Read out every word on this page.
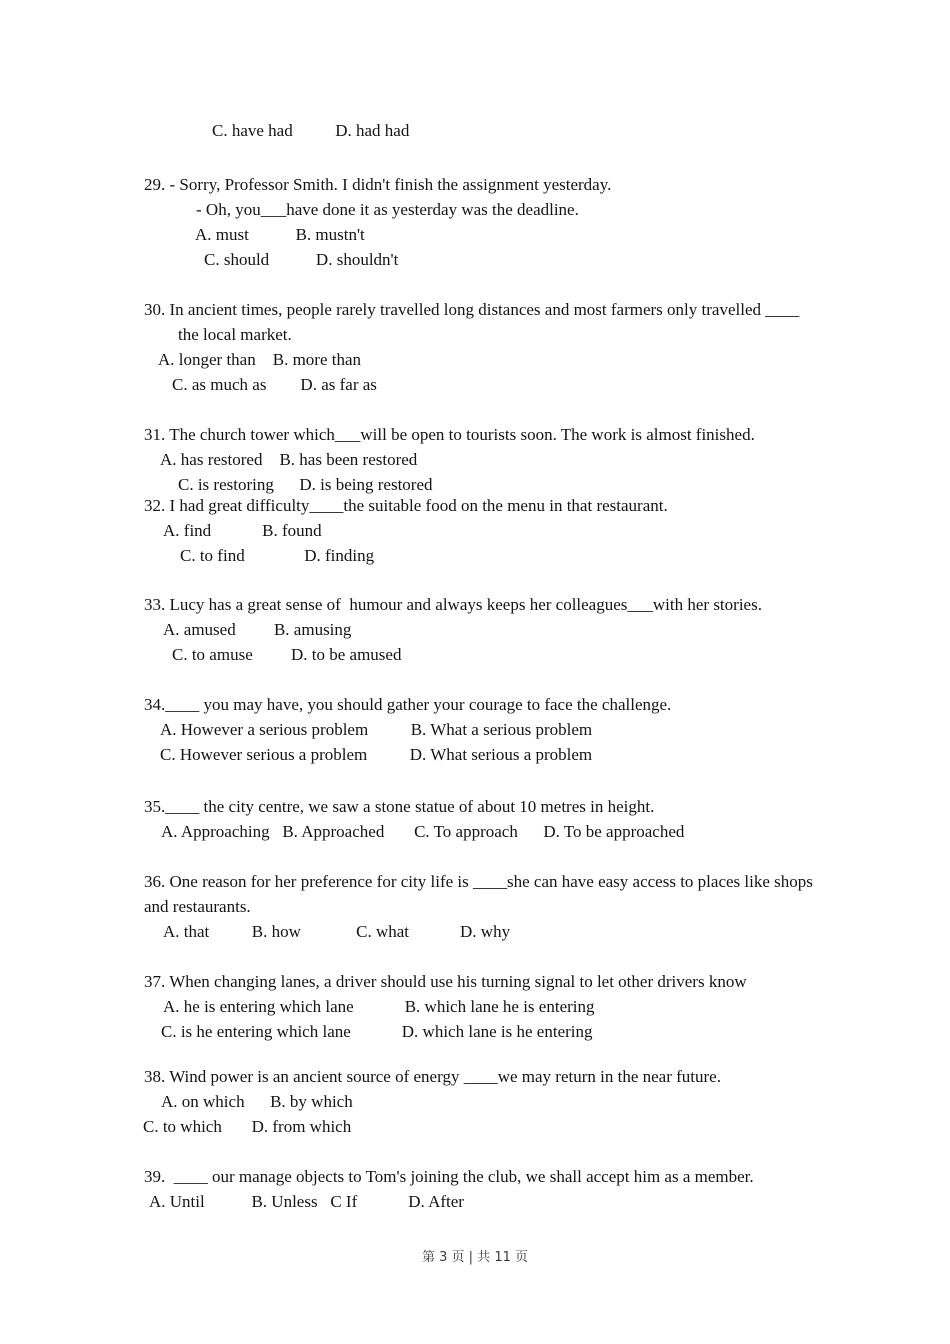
C. have had          D. had had
29. - Sorry, Professor Smith. I didn't finish the assignment yesterday.
- Oh, you___have done it as yesterday was the deadline.
A. must           B. mustn't
C. should           D. shouldn't
30. In ancient times, people rarely travelled long distances and most farmers only travelled ____
the local market.
A. longer than    B. more than
C. as much as        D. as far as
31. The church tower which___will be open to tourists soon. The work is almost finished.
A. has restored    B. has been restored
C. is restoring      D. is being restored
32. I had great difficulty____the suitable food on the menu in that restaurant.
A. find            B. found
C. to find              D. finding
33. Lucy has a great sense of  humour and always keeps her colleagues___with her stories.
A. amused         B. amusing
C. to amuse         D. to be amused
34.____ you may have, you should gather your courage to face the challenge.
A. However a serious problem          B. What a serious problem
C. However serious a problem          D. What serious a problem
35.____ the city centre, we saw a stone statue of about 10 metres in height.
A. Approaching   B. Approached       C. To approach      D. To be approached
36. One reason for her preference for city life is ____she can have easy access to places like shops
and restaurants.
A. that          B. how             C. what            D. why
37. When changing lanes, a driver should use his turning signal to let other drivers know
A. he is entering which lane            B. which lane he is entering
C. is he entering which lane            D. which lane is he entering
38. Wind power is an ancient source of energy ____we may return in the near future.
A. on which      B. by which
C. to which       D. from which
39.  ____ our manage objects to Tom's joining the club, we shall accept him as a member.
A. Until           B. Unless   C If            D. After
第 3 页 | 共 11 页
